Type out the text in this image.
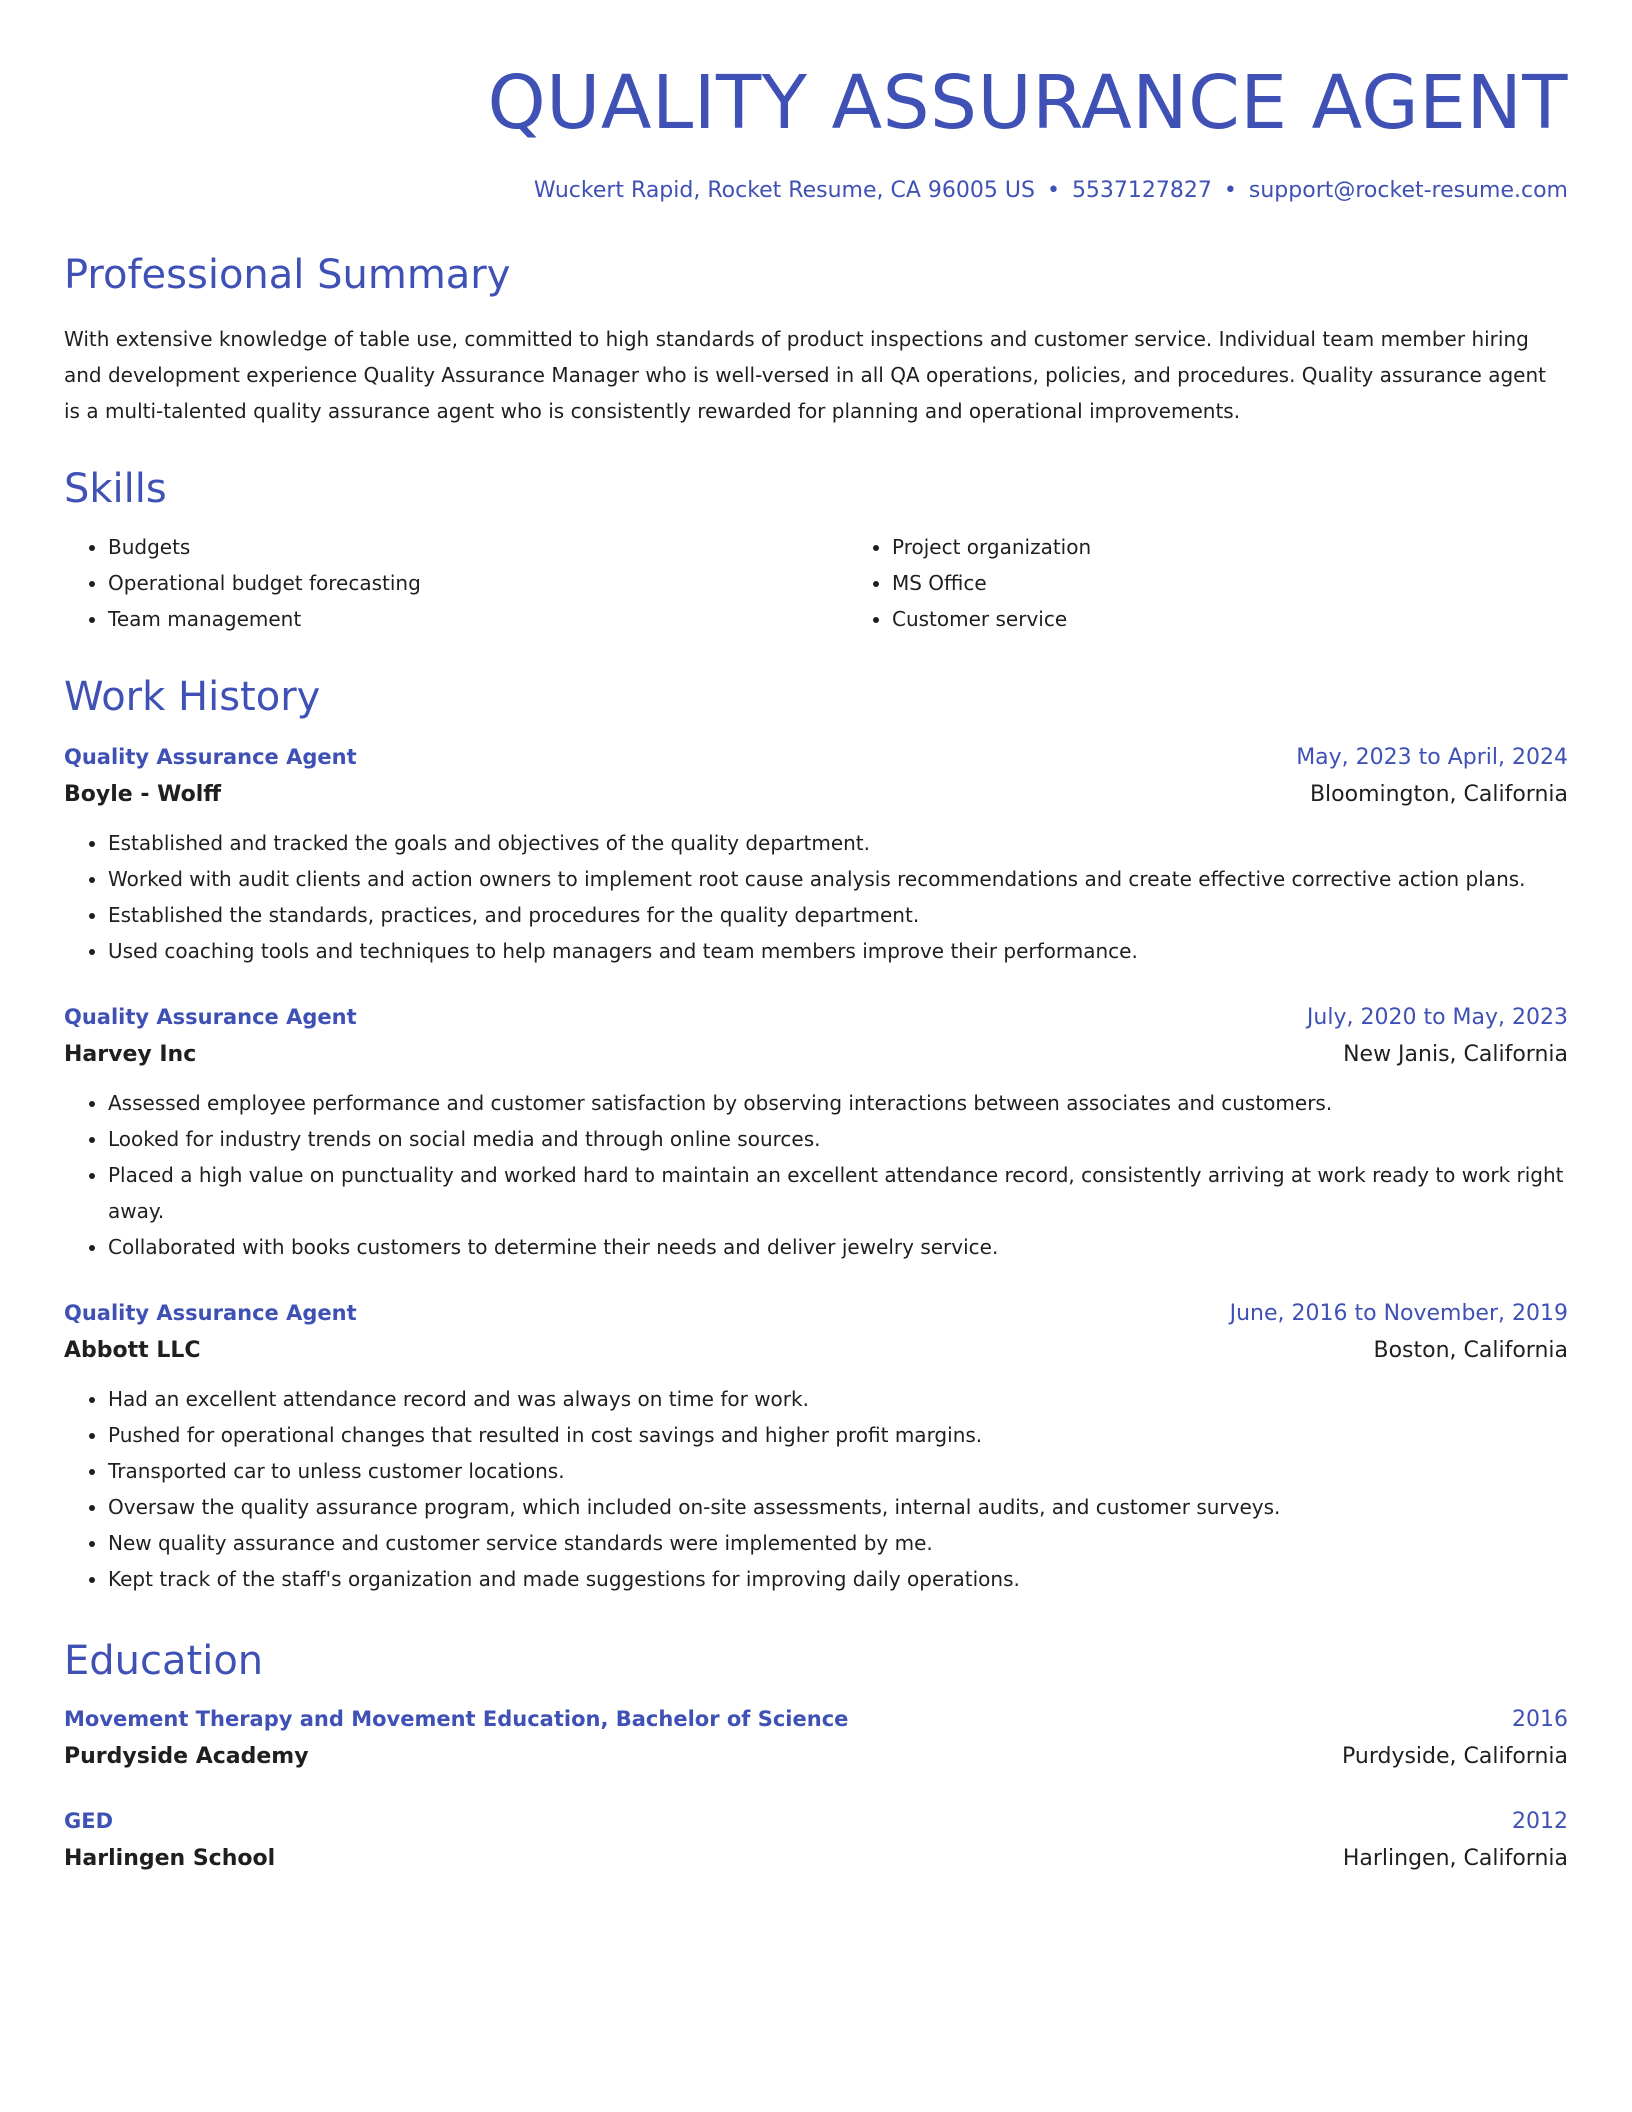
QUALITY ASSURANCE AGENT
Wuckert Rapid, Rocket Resume, CA 96005 US • 5537127827 • support@rocket-resume.com
Professional Summary
With extensive knowledge of table use, committed to high standards of product inspections and customer service. Individual team member hiring and development experience Quality Assurance Manager who is well-versed in all QA operations, policies, and procedures. Quality assurance agent is a multi-talented quality assurance agent who is consistently rewarded for planning and operational improvements.
Skills
• Budgets
• Operational budget forecasting
• Team management
• Project organization
• MS Office
• Customer service
Work History
Quality Assurance Agent	May, 2023 to April, 2024
Boyle - Wolff	Bloomington, California
• Established and tracked the goals and objectives of the quality department.
• Worked with audit clients and action owners to implement root cause analysis recommendations and create effective corrective action plans.
• Established the standards, practices, and procedures for the quality department.
• Used coaching tools and techniques to help managers and team members improve their performance.
Quality Assurance Agent	July, 2020 to May, 2023
Harvey Inc	New Janis, California
• Assessed employee performance and customer satisfaction by observing interactions between associates and customers.
• Looked for industry trends on social media and through online sources.
• Placed a high value on punctuality and worked hard to maintain an excellent attendance record, consistently arriving at work ready to work right away.
• Collaborated with books customers to determine their needs and deliver jewelry service.
Quality Assurance Agent	June, 2016 to November, 2019
Abbott LLC	Boston, California
• Had an excellent attendance record and was always on time for work.
• Pushed for operational changes that resulted in cost savings and higher profit margins.
• Transported car to unless customer locations.
• Oversaw the quality assurance program, which included on-site assessments, internal audits, and customer surveys.
• New quality assurance and customer service standards were implemented by me.
• Kept track of the staff's organization and made suggestions for improving daily operations.
Education
Movement Therapy and Movement Education, Bachelor of Science	2016
Purdyside Academy	Purdyside, California
GED	2012
Harlingen School	Harlingen, California
